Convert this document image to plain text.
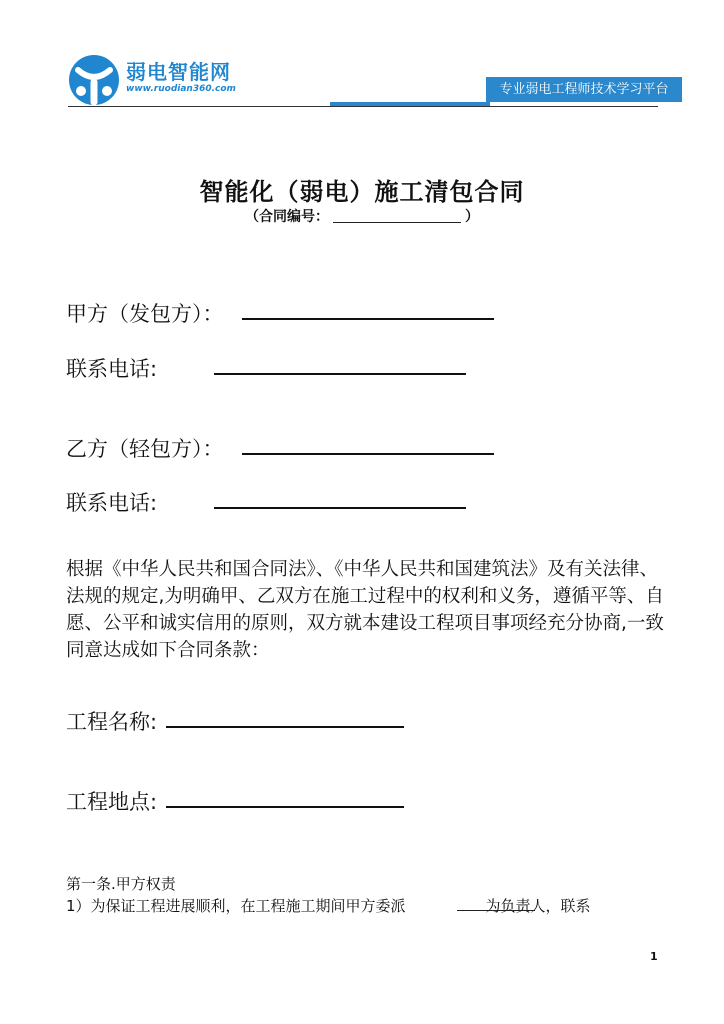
弱电智能网
www.ruodian360.com	专业弱电工程师技术学习平台
智能化（弱电）施工清包合同
（合同编号：	）
甲方（发包方）：
联系电话:
乙方（轻包方）：
联系电话:

根据《中华人民共和国合同法》、《中华人民共和国建筑法》及有关法律、法规的规定,为明确甲、乙双方在施工过程中的权利和义务，遵循平等、自愿、公平和诚实信用的原则，双方就本建设工程项目事项经充分协商,一致同意达成如下合同条款：

工程名称:
工程地点:
第一条.甲方权责
1）为保证工程进展顺利，在工程施工期间甲方委派	为负责人，联系
1
